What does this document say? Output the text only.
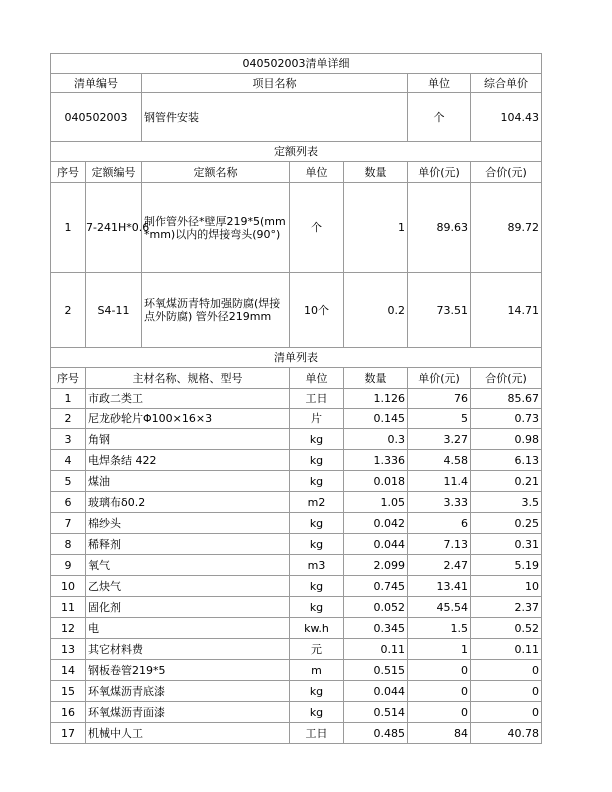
040502003清单详细						
清单编号		项目名称			单位	综合单价
040502003		钢管件安装			个	104.43
定额列表						
序号	定额编号	定额名称	单位	数量	单价(元)	合价(元)
1	7-241H*0.6	制作管外径*壁厚219*5(mm*mm)以内的焊接弯头(90°)	个	1	89.63	89.72
2	S4-11	环氧煤沥青特加强防腐(焊接点外防腐) 管外径219mm	10个	0.2	73.51	14.71
清单列表						
序号	主材名称、规格、型号		单位	数量	单价(元)	合价(元)
1	市政二类工		工日	1.126	76	85.67
2	尼龙砂轮片Φ100×16×3		片	0.145	5	0.73
3	角钢		kg	0.3	3.27	0.98
4	电焊条结 422		kg	1.336	4.58	6.13
5	煤油		kg	0.018	11.4	0.21
6	玻璃布δ0.2		m2	1.05	3.33	3.5
7	棉纱头		kg	0.042	6	0.25
8	稀释剂		kg	0.044	7.13	0.31
9	氧气		m3	2.099	2.47	5.19
10	乙炔气		kg	0.745	13.41	10
11	固化剂		kg	0.052	45.54	2.37
12	电		kw.h	0.345	1.5	0.52
13	其它材料费		元	0.11	1	0.11
14	钢板卷管219*5		m	0.515	0	0
15	环氧煤沥青底漆		kg	0.044	0	0
16	环氧煤沥青面漆		kg	0.514	0	0
17	机械中人工		工日	0.485	84	40.78
